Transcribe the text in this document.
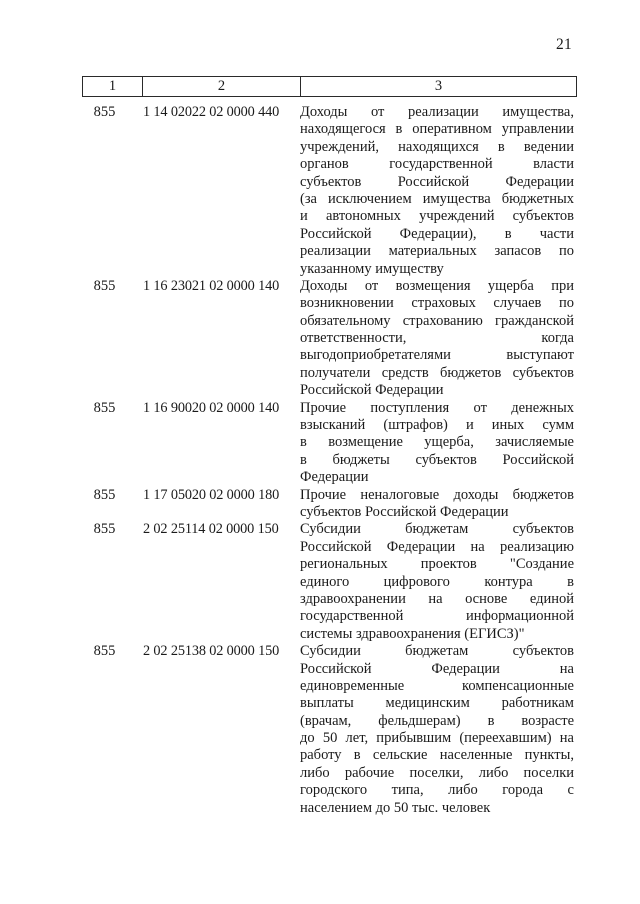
21
1	2	3
855	1 14 02022 02 0000 440	Доходы от реализации имущества,
находящегося в оперативном управлении
учреждений, находящихся в ведении
органов государственной власти
субъектов Российской Федерации
(за исключением имущества бюджетных
и автономных учреждений субъектов
Российской Федерации), в части
реализации материальных запасов по
указанному имуществу
855	1 16 23021 02 0000 140	Доходы от возмещения ущерба при
возникновении страховых случаев по
обязательному страхованию гражданской
ответственности, когда
выгодоприобретателями выступают
получатели средств бюджетов субъектов
Российской Федерации
855	1 16 90020 02 0000 140	Прочие поступления от денежных
взысканий (штрафов) и иных сумм
в возмещение ущерба, зачисляемые
в бюджеты субъектов Российской
Федерации
855	1 17 05020 02 0000 180	Прочие неналоговые доходы бюджетов
субъектов Российской Федерации
855	2 02 25114 02 0000 150	Субсидии бюджетам субъектов
Российской Федерации на реализацию
региональных проектов "Создание
единого цифрового контура в
здравоохранении на основе единой
государственной информационной
системы здравоохранения (ЕГИСЗ)"
855	2 02 25138 02 0000 150	Субсидии бюджетам субъектов
Российской Федерации на
единовременные компенсационные
выплаты медицинским работникам
(врачам, фельдшерам) в возрасте
до 50 лет, прибывшим (переехавшим) на
работу в сельские населенные пункты,
либо рабочие поселки, либо поселки
городского типа, либо города с
населением до 50 тыс. человек
